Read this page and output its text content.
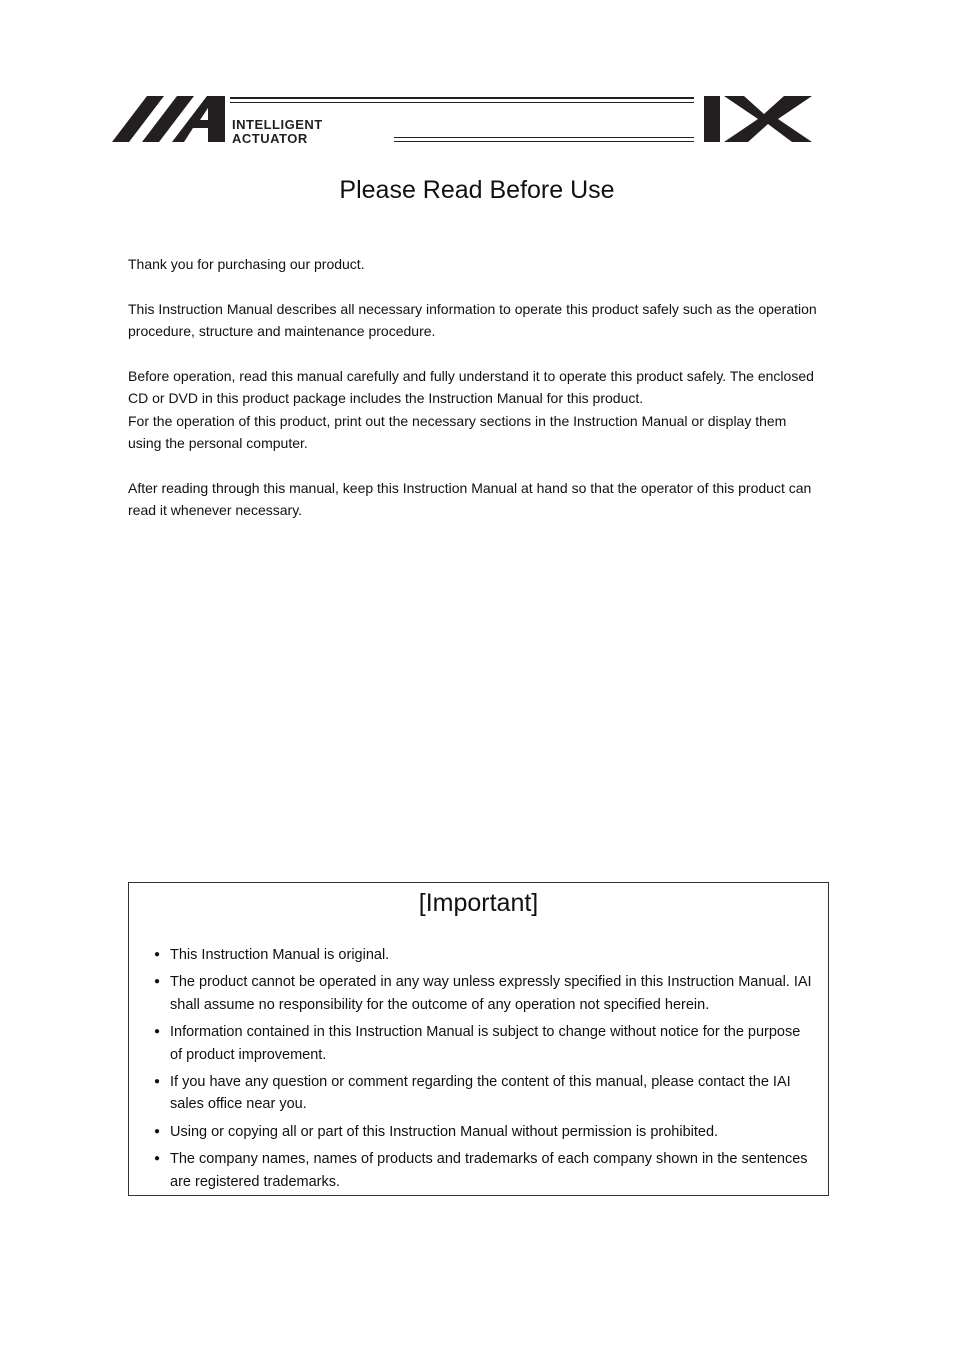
INTELLIGENT
ACTUATOR
Please Read Before Use

Thank you for purchasing our product.

This Instruction Manual describes all necessary information to operate this product safely such as the operation procedure, structure and maintenance procedure.

Before operation, read this manual carefully and fully understand it to operate this product safely. The enclosed CD or DVD in this product package includes the Instruction Manual for this product.
For the operation of this product, print out the necessary sections in the Instruction Manual or display them using the personal computer.

After reading through this manual, keep this Instruction Manual at hand so that the operator of this product can read it whenever necessary.

[Important]
● This Instruction Manual is original.
● The product cannot be operated in any way unless expressly specified in this Instruction Manual. IAI shall assume no responsibility for the outcome of any operation not specified herein.
● Information contained in this Instruction Manual is subject to change without notice for the purpose of product improvement.
● If you have any question or comment regarding the content of this manual, please contact the IAI sales office near you.
● Using or copying all or part of this Instruction Manual without permission is prohibited.
● The company names, names of products and trademarks of each company shown in the sentences are registered trademarks.
